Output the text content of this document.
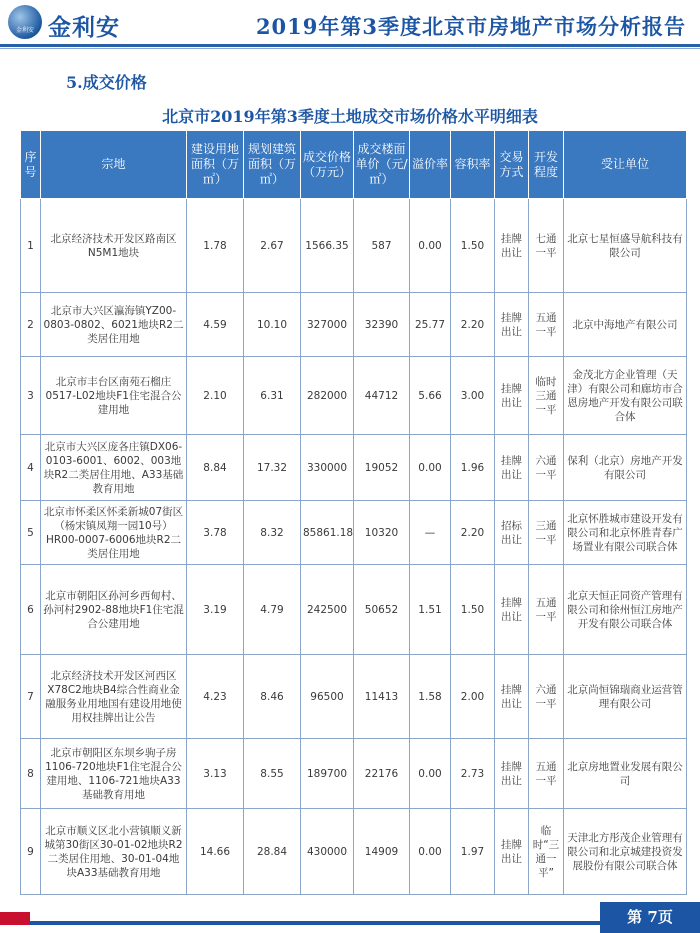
金利安 金利安	2019年第3季度北京市房地产市场分析报告
5.成交价格
北京市2019年第3季度土地成交市场价格水平明细表
序号	宗地	建设用地面积（万㎡）	规划建筑面积（万㎡）	成交价格（万元）	成交楼面单价（元/㎡）	溢价率	容积率	交易方式	开发程度	受让单位
1	北京经济技术开发区路南区N5M1地块	1.78	2.67	1566.35	587	0.00	1.50	挂牌出让	七通一平	北京七星恒盛导航科技有限公司
2	北京市大兴区瀛海镇YZ00-0803-0802、6021地块R2二类居住用地	4.59	10.10	327000	32390	25.77	2.20	挂牌出让	五通一平	北京中海地产有限公司
3	北京市丰台区南苑石榴庄0517-L02地块F1住宅混合公建用地	2.10	6.31	282000	44712	5.66	3.00	挂牌出让	临时三通一平	金茂北方企业管理（天津）有限公司和廊坊市合恩房地产开发有限公司联合体
4	北京市大兴区庞各庄镇DX06-0103-6001、6002、003地块R2二类居住用地、A33基础教育用地	8.84	17.32	330000	19052	0.00	1.96	挂牌出让	六通一平	保利（北京）房地产开发有限公司
5	北京市怀柔区怀柔新城07街区（杨宋镇凤翔一园10号）HR00-0007-6006地块R2二类居住用地	3.78	8.32	85861.18	10320	—	2.20	招标出让	三通一平	北京怀胜城市建设开发有限公司和北京怀胜青春广场置业有限公司联合体
6	北京市朝阳区孙河乡西甸村、孙河村2902-88地块F1住宅混合公建用地	3.19	4.79	242500	50652	1.51	1.50	挂牌出让	五通一平	北京天恒正同资产管理有限公司和徐州恒江房地产开发有限公司联合体
7	北京经济技术开发区河西区X78C2地块B4综合性商业金融服务业用地国有建设用地使用权挂牌出让公告	4.23	8.46	96500	11413	1.58	2.00	挂牌出让	六通一平	北京尚恒锦瑞商业运营管理有限公司
8	北京市朝阳区东坝乡驹子房1106-720地块F1住宅混合公建用地、1106-721地块A33基础教育用地	3.13	8.55	189700	22176	0.00	2.73	挂牌出让	五通一平	北京房地置业发展有限公司
9	北京市顺义区北小营镇顺义新城第30街区30-01-02地块R2二类居住用地、30-01-04地块A33基础教育用地	14.66	28.84	430000	14909	0.00	1.97	挂牌出让	临时“三通一平”	天津北方彤茂企业管理有限公司和北京城建投资发展股份有限公司联合体
第 7页
